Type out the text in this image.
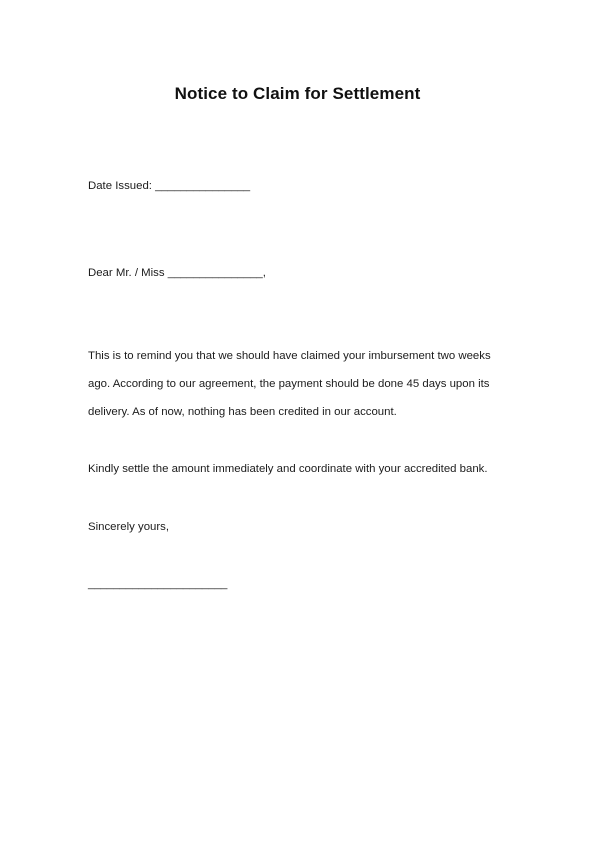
Notice to Claim for Settlement
Date Issued: _______________
Dear Mr. / Miss _______________,
This is to remind you that we should have claimed your imbursement two weeks
ago. According to our agreement, the payment should be done 45 days upon its
delivery. As of now, nothing has been credited in our account.
Kindly settle the amount immediately and coordinate with your accredited bank.
Sincerely yours,
______________________
